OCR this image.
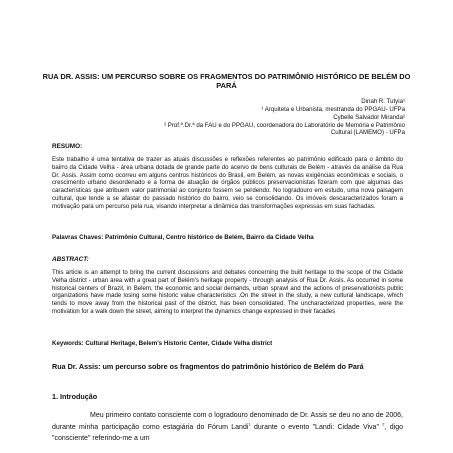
RUA DR. ASSIS: UM PERCURSO SOBRE OS FRAGMENTOS DO PATRIMÔNIO HISTÓRICO DE BELÉM DO PARÁ
Dinah R. Tutyia¹
¹ Arquiteta e Urbanista, mestranda do PPGAU- UFPa
Cybelle Salvador Miranda²
² Prof.ª.Dr.ª da FAU e do PPGAU, coordenadora do Laboratório de Memória e Patrimônio Cultural (LAMEMO) - UFPa
RESUMO:
Este trabalho é uma tentativa de trazer as atuais discussões e reflexões referentes ao patrimônio edificado para o âmbito do bairro da Cidade Velha - área urbana dotada de grande parte do acervo de bens culturais de Belém - através da análise da Rua Dr. Assis. Assim como ocorreu em alguns centros históricos do Brasil, em Belém, as novas exigências econômicas e sociais, o crescimento urbano desordenado e a forma de atuação de órgãos públicos preservacionistas fizeram com que algumas das características que atribuem valor patrimonial ao conjunto fossem se perdendo. No logradouro em estudo, uma nova paisagem cultural, que tende a se afastar do passado histórico do bairro, veio se consolidando. Os imóveis descaracterizados foram a motivação para um percurso pela rua, visando interpretar a dinâmica das transformações expressas em suas fachadas.
Palavras Chaves: Patrimônio Cultural, Centro histórico de Belém, Bairro da Cidade Velha
ABSTRACT:
This article is an attempt to bring the current discussions and debates concerning the built heritage to the scope of the Cidade Velha district - urban area with a great part of Belém's heritage property - through analysis of Rua Dr. Assis. As occurred in some historical centers of Brazil, in Belem, the economic and social demands, urban sprawl and the actions of preservationists public organizations have made losing some historic value characteristics .On the street in the study, a new cultural landscape, which tends to move away from the historical past of the district, has been consolidated. The uncharacterized properties, were the motivation for a walk down the street, aiming to interpret the dynamics change expressed in their facades
Keywords: Cultural Heritage, Belem's Historic Center, Cidade Velha district
Rua Dr. Assis: um percurso sobre os fragmentos do patrimônio histórico de Belém do Pará
1. Introdução
Meu primeiro contato consciente com o logradouro denominado de Dr. Assis se deu no ano de 2006, durante minha participação como estagiária do Fórum Landi$^1$ durante o evento "Landi: Cidade Viva" $^2$, digo "consciente" referindo-me a um
